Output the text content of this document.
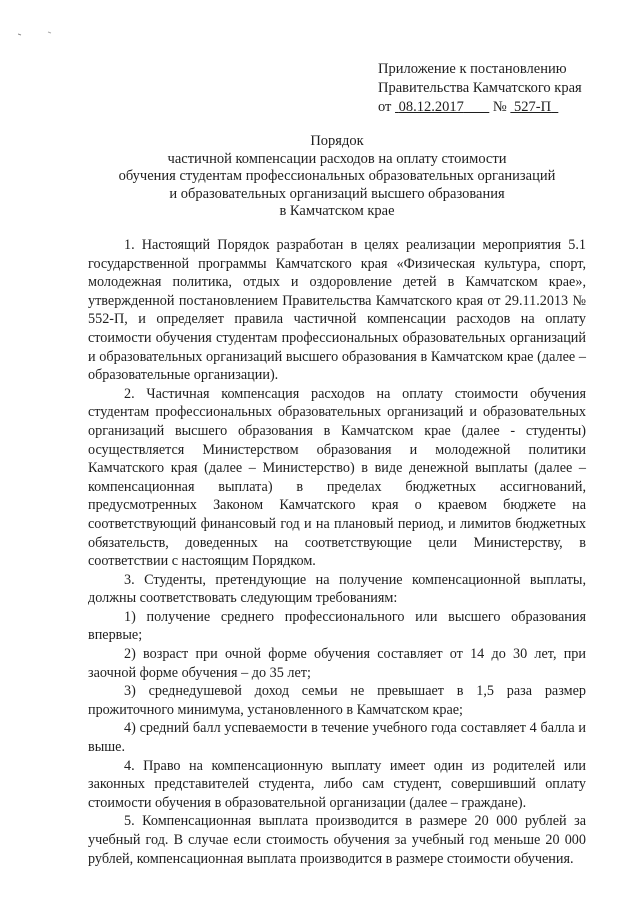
Приложение к постановлению
Правительства Камчатского края
от 08.12.2017 № 527-П
Порядок
частичной компенсации расходов на оплату стоимости
обучения студентам профессиональных образовательных организаций
и образовательных организаций высшего образования
в Камчатском крае

1. Настоящий Порядок разработан в целях реализации мероприятия 5.1 государственной программы Камчатского края «Физическая культура, спорт, молодежная политика, отдых и оздоровление детей в Камчатском крае», утвержденной постановлением Правительства Камчатского края от 29.11.2013 № 552-П, и определяет правила частичной компенсации расходов на оплату стоимости обучения студентам профессиональных образовательных организаций и образовательных организаций высшего образования в Камчатском крае (далее – образовательные организации).

2. Частичная компенсация расходов на оплату стоимости обучения студентам профессиональных образовательных организаций и образовательных организаций высшего образования в Камчатском крае (далее - студенты) осуществляется Министерством образования и молодежной политики Камчатского края (далее – Министерство) в виде денежной выплаты (далее – компенсационная выплата) в пределах бюджетных ассигнований, предусмотренных Законом Камчатского края о краевом бюджете на соответствующий финансовый год и на плановый период, и лимитов бюджетных обязательств, доведенных на соответствующие цели Министерству, в соответствии с настоящим Порядком.

3. Студенты, претендующие на получение компенсационной выплаты, должны соответствовать следующим требованиям:

1) получение среднего профессионального или высшего образования впервые;

2) возраст при очной форме обучения составляет от 14 до 30 лет, при заочной форме обучения – до 35 лет;

3) среднедушевой доход семьи не превышает в 1,5 раза размер прожиточного минимума, установленного в Камчатском крае;

4) средний балл успеваемости в течение учебного года составляет 4 балла и выше.

4. Право на компенсационную выплату имеет один из родителей или законных представителей студента, либо сам студент, совершивший оплату стоимости обучения в образовательной организации (далее – граждане).

5. Компенсационная выплата производится в размере 20 000 рублей за учебный год. В случае если стоимость обучения за учебный год меньше 20 000 рублей, компенсационная выплата производится в размере стоимости обучения.
